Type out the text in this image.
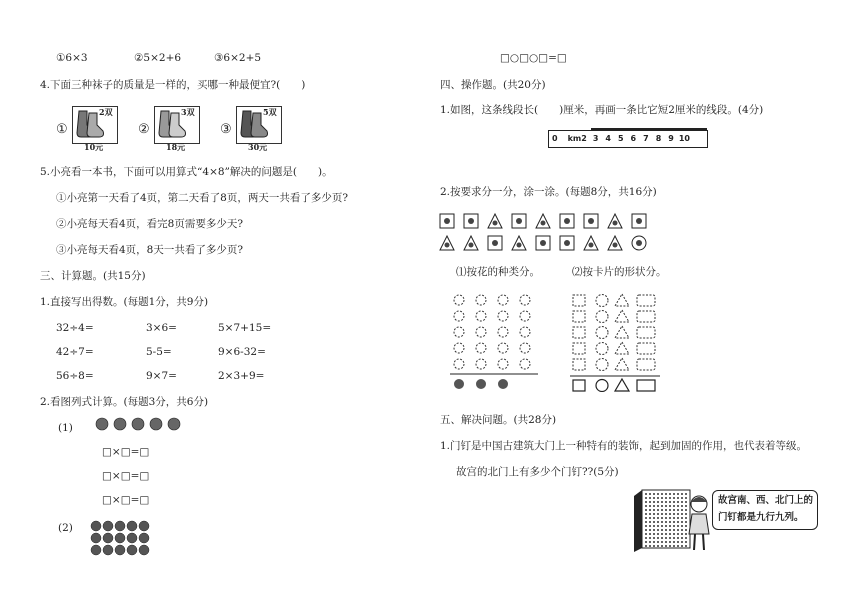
①6×3	②5×2+6	③6×2+5
4.下面三种袜子的质量是一样的，买哪一种最便宜?(　　)
①
2双
10元
②
3双
18元
③
5双
30元
5.小亮看一本书，下面可以用算式“4×8”解决的问题是(　　)。
①小亮第一天看了4页，第二天看了8页，两天一共看了多少页?
②小亮每天看4页，看完8页需要多少天?
③小亮每天看4页，8天一共看了多少页?
三、计算题。(共15分)
1.直接写出得数。(每题1分，共9分)
32÷4=	3×6=	5×7+15=
42÷7=	5-5=	9×6-32=
56÷8=	9×7=	2×3+9=
2.看图列式计算。(每题3分，共6分)
(1)
□×□=□
□×□=□
□×□=□
(2)
□○□○□=□
四、操作题。(共20分)
1.如图，这条线段长(　　)厘米，再画一条比它短2厘米的线段。(4分)
0 km2 3 4 5 6 7 8 9 10
2.按要求分一分，涂一涂。(每题8分，共16分)
⑴按花的种类分。	⑵按卡片的形状分。
五、解决问题。(共28分)
1.门钉是中国古建筑大门上一种特有的装饰，起到加固的作用，也代表着等级。
故宫的北门上有多少个门钉??(5分)
故宫南、西、北门上的
门钉都是九行九列。
